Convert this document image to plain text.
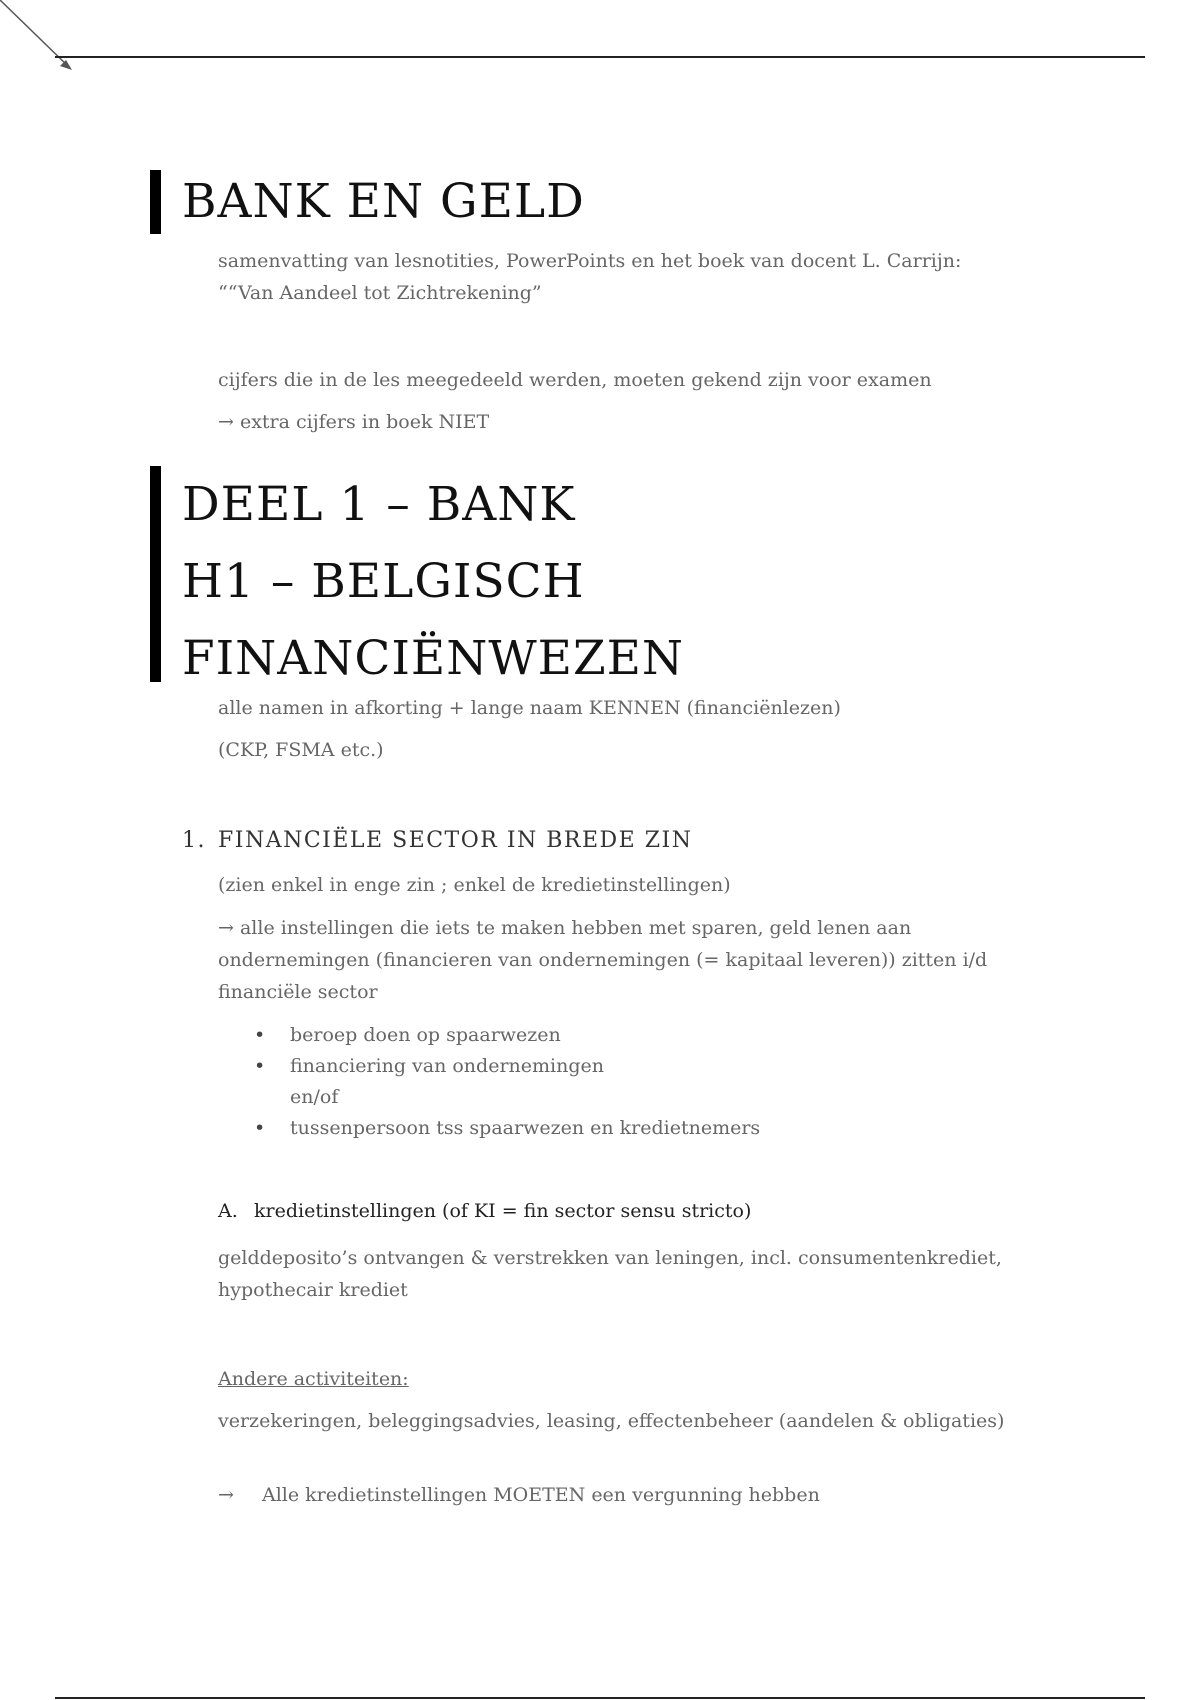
BANK EN GELD

samenvatting van lesnotities, PowerPoints en het boek van docent L. Carrijn: ““Van Aandeel tot Zichtrekening”

cijfers die in de les meegedeeld werden, moeten gekend zijn voor examen

→ extra cijfers in boek NIET

DEEL 1 – BANK
H1 – BELGISCH
FINANCIËNWEZEN

alle namen in afkorting + lange naam KENNEN (financiënlezen)

(CKP, FSMA etc.)

1. FINANCIËLE SECTOR IN BREDE ZIN

(zien enkel in enge zin ; enkel de kredietinstellingen)

→ alle instellingen die iets te maken hebben met sparen, geld lenen aan ondernemingen (financieren van ondernemingen (= kapitaal leveren)) zitten i/d financiële sector

• beroep doen op spaarwezen
• financiering van ondernemingen
en/of
• tussenpersoon tss spaarwezen en kredietnemers
A. kredietinstellingen (of KI = fin sector sensu stricto)

gelddeposito’s ontvangen & verstrekken van leningen, incl. consumentenkrediet, hypothecair krediet

Andere activiteiten:

verzekeringen, beleggingsadvies, leasing, effectenbeheer (aandelen & obligaties)

→ Alle kredietinstellingen MOETEN een vergunning hebben
